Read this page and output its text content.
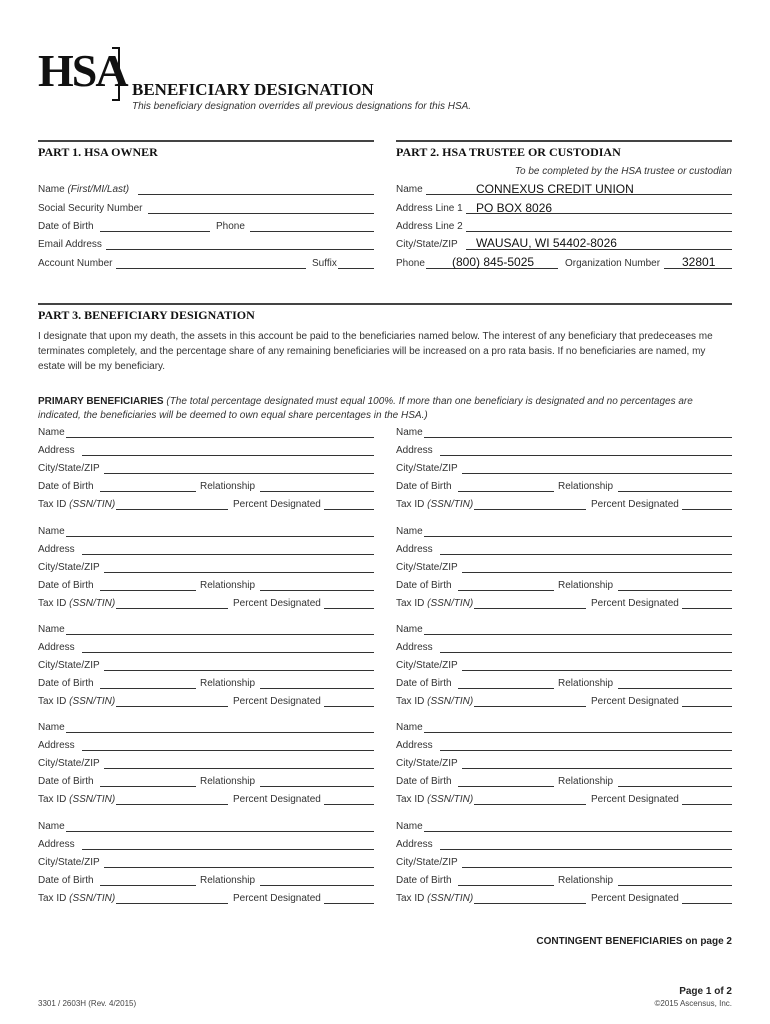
HSA BENEFICIARY DESIGNATION
This beneficiary designation overrides all previous designations for this HSA.
PART 1. HSA OWNER	PART 2. HSA TRUSTEE OR CUSTODIAN
To be completed by the HSA trustee or custodian
Name (First/MI/Last)
Social Security Number
Date of Birth	Phone
Email Address
Account Number	Suffix
Name	CONNEXUS CREDIT UNION
Address Line 1 PO BOX 8026
Address Line 2
City/State/ZIP WAUSAU, WI 54402-8026
Phone (800) 845-5025	Organization Number 32801
PART 3. BENEFICIARY DESIGNATION
I designate that upon my death, the assets in this account be paid to the beneficiaries named below. The interest of any beneficiary that predeceases me terminates completely, and the percentage share of any remaining beneficiaries will be increased on a pro rata basis. If no beneficiaries are named, my estate will be my beneficiary.
PRIMARY BENEFICIARIES (The total percentage designated must equal 100%. If more than one beneficiary is designated and no percentages are indicated, the beneficiaries will be deemed to own equal share percentages in the HSA.)
Name
Address
City/State/ZIP
Date of Birth	Relationship
Tax ID (SSN/TIN)	Percent Designated
Name
Address
City/State/ZIP
Date of Birth	Relationship
Tax ID (SSN/TIN)	Percent Designated
Name
Address
City/State/ZIP
Date of Birth	Relationship
Tax ID (SSN/TIN)	Percent Designated
Name
Address
City/State/ZIP
Date of Birth	Relationship
Tax ID (SSN/TIN)	Percent Designated
Name
Address
City/State/ZIP
Date of Birth	Relationship
Tax ID (SSN/TIN)	Percent Designated
Name
Address
City/State/ZIP
Date of Birth	Relationship
Tax ID (SSN/TIN)	Percent Designated
Name
Address
City/State/ZIP
Date of Birth	Relationship
Tax ID (SSN/TIN)	Percent Designated
Name
Address
City/State/ZIP
Date of Birth	Relationship
Tax ID (SSN/TIN)	Percent Designated
Name
Address
City/State/ZIP
Date of Birth	Relationship
Tax ID (SSN/TIN)	Percent Designated
Name
Address
City/State/ZIP
Date of Birth	Relationship
Tax ID (SSN/TIN)	Percent Designated
CONTINGENT BENEFICIARIES on page 2
Page 1 of 2
©2015 Ascensus, Inc.
3301 / 2603H (Rev. 4/2015)
